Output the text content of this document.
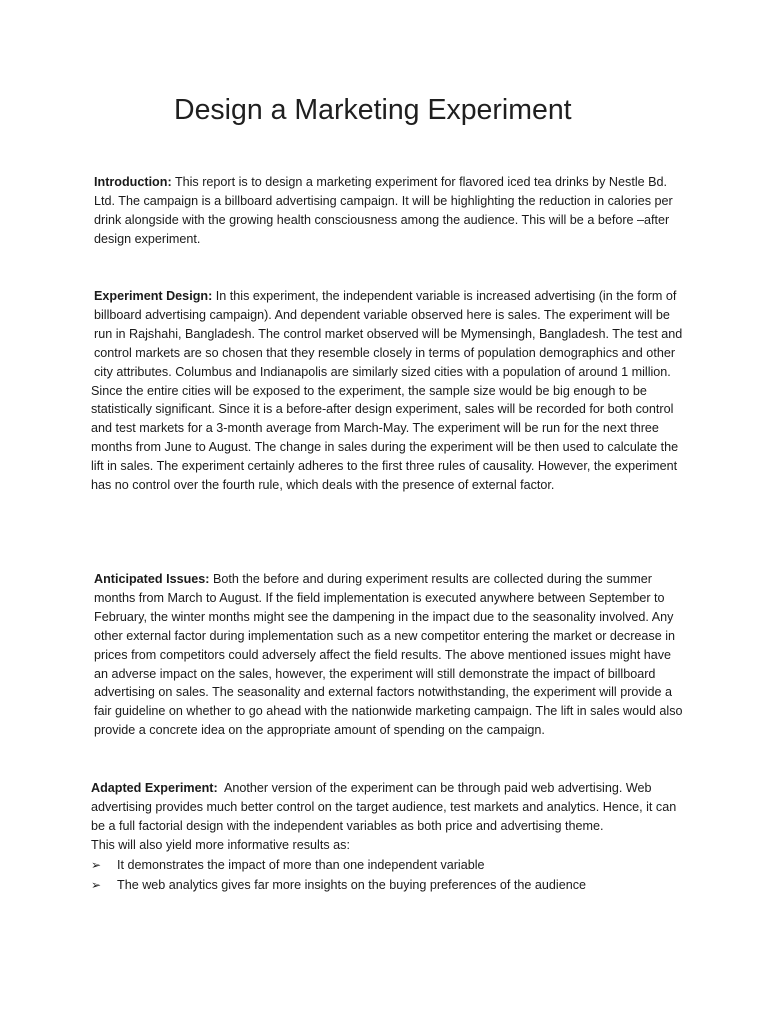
Design a Marketing Experiment

Introduction: This report is to design a marketing experiment for flavored iced tea drinks by Nestle Bd. Ltd. The campaign is a billboard advertising campaign. It will be highlighting the reduction in calories per drink alongside with the growing health consciousness among the audience. This will be a before –after design experiment.

Experiment Design: In this experiment, the independent variable is increased advertising (in the form of billboard advertising campaign). And dependent variable observed here is sales. The experiment will be run in Rajshahi, Bangladesh. The control market observed will be Mymensingh, Bangladesh. The test and control markets are so chosen that they resemble closely in terms of population demographics and other city attributes. Columbus and Indianapolis are similarly sized cities with a population of around 1 million.

Since the entire cities will be exposed to the experiment, the sample size would be big enough to be statistically significant. Since it is a before-after design experiment, sales will be recorded for both control and test markets for a 3-month average from March-May. The experiment will be run for the next three months from June to August. The change in sales during the experiment will be then used to calculate the lift in sales. The experiment certainly adheres to the first three rules of causality. However, the experiment has no control over the fourth rule, which deals with the presence of external factor.

Anticipated Issues: Both the before and during experiment results are collected during the summer months from March to August. If the field implementation is executed anywhere between September to February, the winter months might see the dampening in the impact due to the seasonality involved. Any other external factor during implementation such as a new competitor entering the market or decrease in prices from competitors could adversely affect the field results. The above mentioned issues might have an adverse impact on the sales, however, the experiment will still demonstrate the impact of billboard advertising on sales. The seasonality and external factors notwithstanding, the experiment will provide a fair guideline on whether to go ahead with the nationwide marketing campaign. The lift in sales would also provide a concrete idea on the appropriate amount of spending on the campaign.

Adapted Experiment: Another version of the experiment can be through paid web advertising. Web advertising provides much better control on the target audience, test markets and analytics. Hence, it can be a full factorial design with the independent variables as both price and advertising theme.

This will also yield more informative results as:

➢ It demonstrates the impact of more than one independent variable
➢ The web analytics gives far more insights on the buying preferences of the audience
